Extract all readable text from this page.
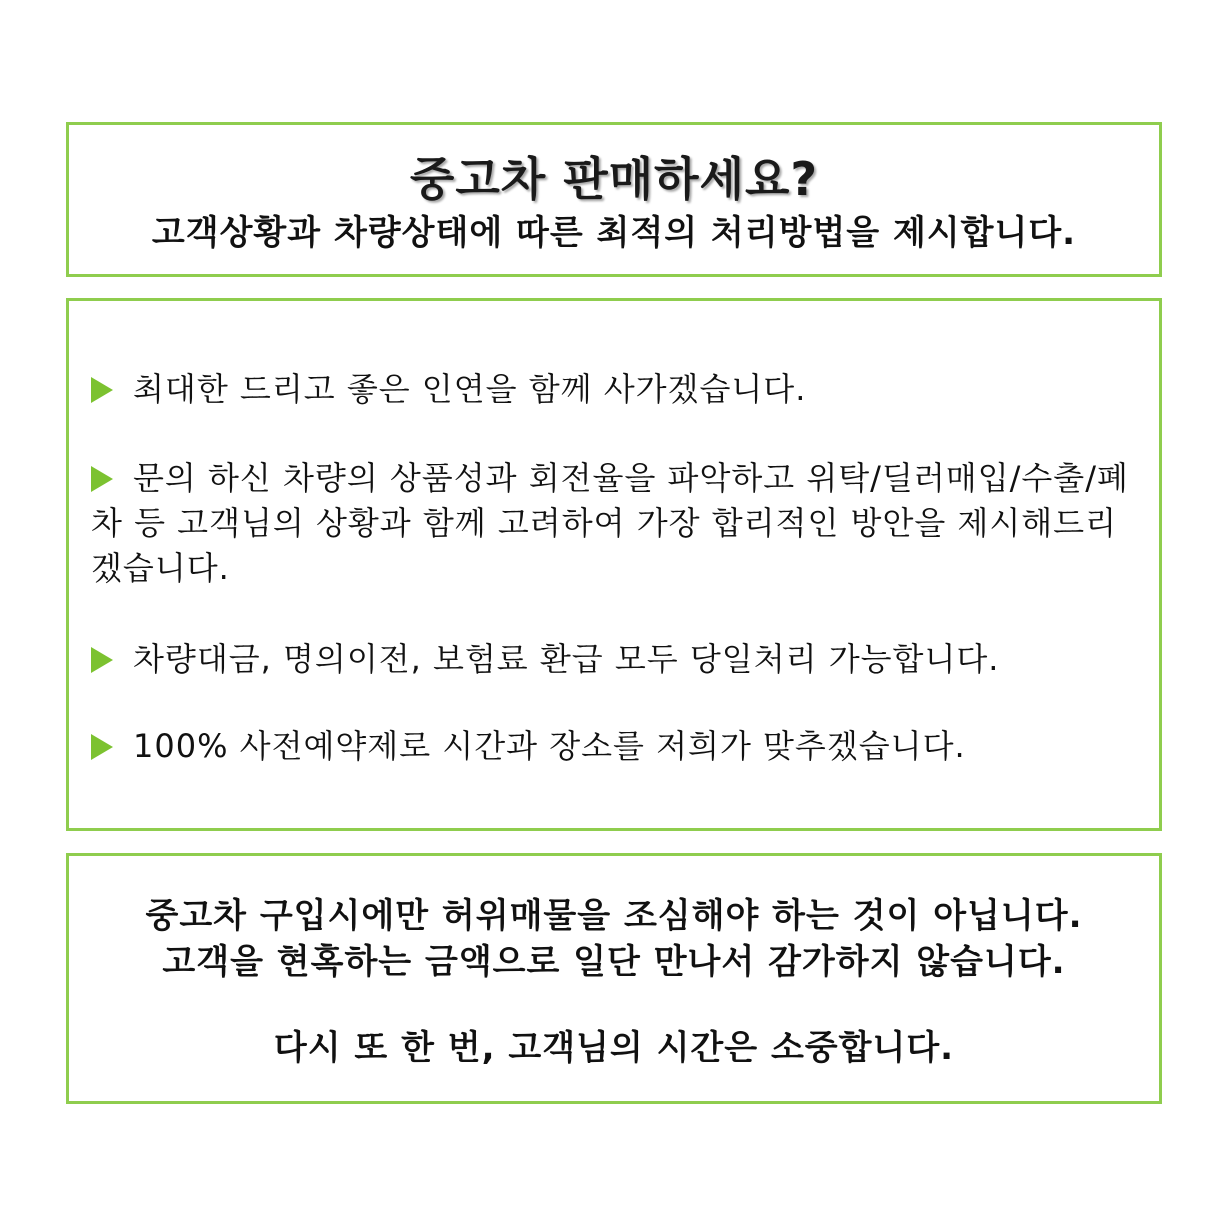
중고차 판매하세요?
고객상황과 차량상태에 따른 최적의 처리방법을 제시합니다.
최대한 드리고 좋은 인연을 함께 사가겠습니다.
문의 하신 차량의 상품성과 회전율을 파악하고 위탁/딜러매입/수출/폐차 등 고객님의 상황과 함께 고려하여 가장 합리적인 방안을 제시해드리겠습니다.
차량대금, 명의이전, 보험료 환급 모두 당일처리 가능합니다.
100% 사전예약제로 시간과 장소를 저희가 맞추겠습니다.
중고차 구입시에만 허위매물을 조심해야 하는 것이 아닙니다.
고객을 현혹하는 금액으로 일단 만나서 감가하지 않습니다.
다시 또 한 번, 고객님의 시간은 소중합니다.
